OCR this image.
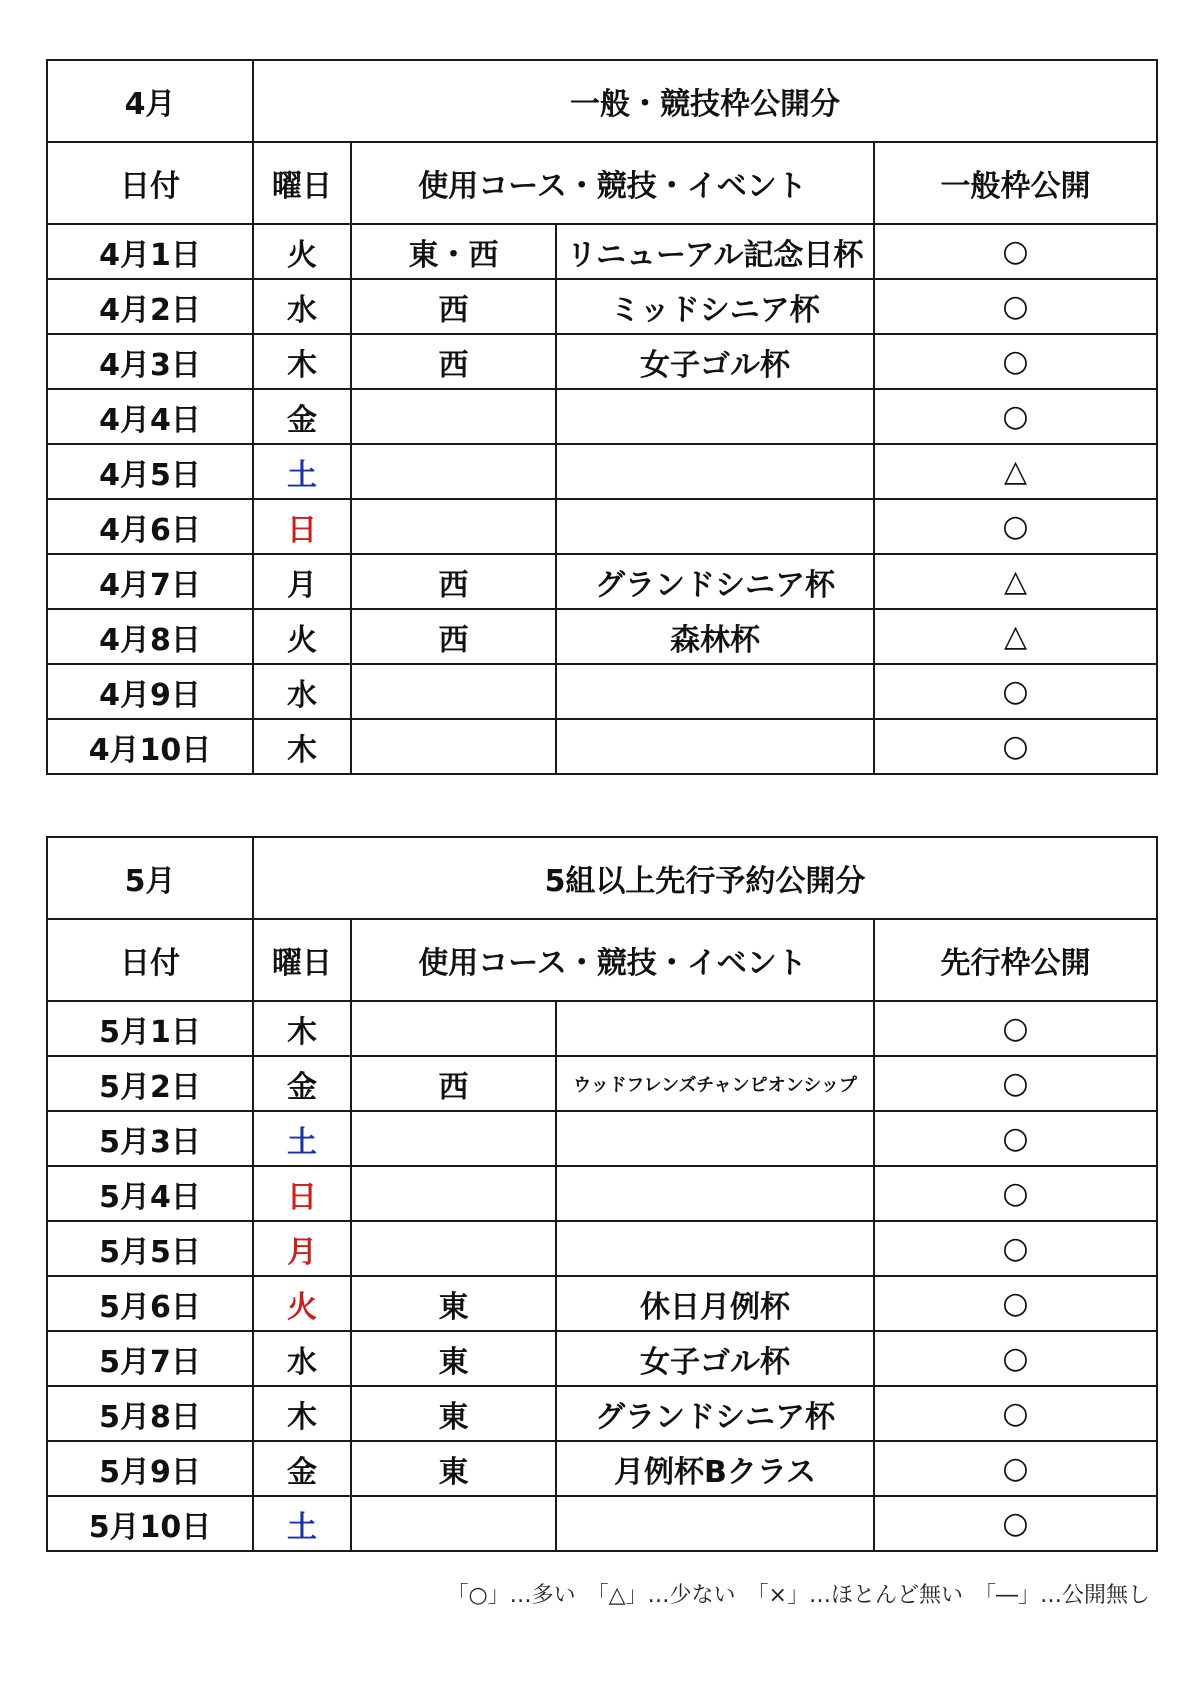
4月	一般・競技枠公開分			
日付	曜日	使用コース・競技・イベント		一般枠公開
4月1日	火	東・西	リニューアル記念日杯	○
4月2日	水	西	ミッドシニア杯	○
4月3日	木	西	女子ゴル杯	○
4月4日	金			○
4月5日	土			△
4月6日	日			○
4月7日	月	西	グランドシニア杯	△
4月8日	火	西	森林杯	△
4月9日	水			○
4月10日	木			○
5月	5組以上先行予約公開分			
日付	曜日	使用コース・競技・イベント		先行枠公開
5月1日	木			○
5月2日	金	西	ウッドフレンズチャンピオンシップ	○
5月3日	土			○
5月4日	日			○
5月5日	月			○
5月6日	火	東	休日月例杯	○
5月7日	水	東	女子ゴル杯	○
5月8日	木	東	グランドシニア杯	○
5月9日	金	東	月例杯Bクラス	○
5月10日	土			○
「○」…多い　「△」…少ない　「×」…ほとんど無い　「―」…公開無し
